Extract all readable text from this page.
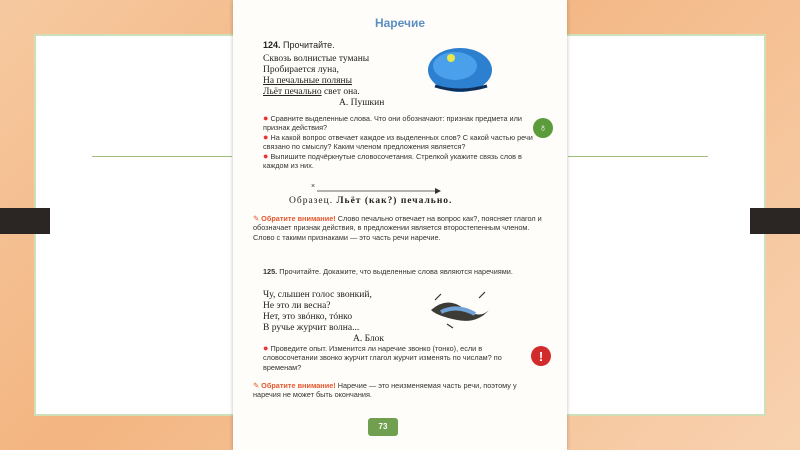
Наречие
124. Прочитайте.
Сквозь волнистые туманы
Пробирается луна,
На печальные поляны
Льёт печально свет она.
А. Пушкин
● Сравните выделенные слова. Что они обозначают: признак предмета или признак действия?
● На какой вопрос отвечает каждое из выделенных слов? С какой частью речи связано по смыслу? Каким членом предложения является?
● Выпишите подчёркнутые словосочетания. Стрелкой укажите связь слов в каждом из них.
×
Образец. Льёт (как?) печально.
✎ Обратите внимание! Слово печально отвечает на вопрос как?, поясняет глагол и обозначает признак действия, в предложении является второстепенным членом. Слово с такими признаками — это часть речи наречие.
125. Прочитайте. Докажите, что выделенные слова являются наречиями.
Чу, слышен голос звонкий,
Не это ли весна?
Нет, это звóнко, тóнко
В ручье журчит волна...
А. Блок
● Проведите опыт. Изменится ли наречие звонко (тонко), если в словосочетании звонко журчит глагол журчит изменять по числам? по временам?
✎ Обратите внимание! Наречие — это неизменяемая часть речи, поэтому у наречия не может быть окончания.
73
♁
!
